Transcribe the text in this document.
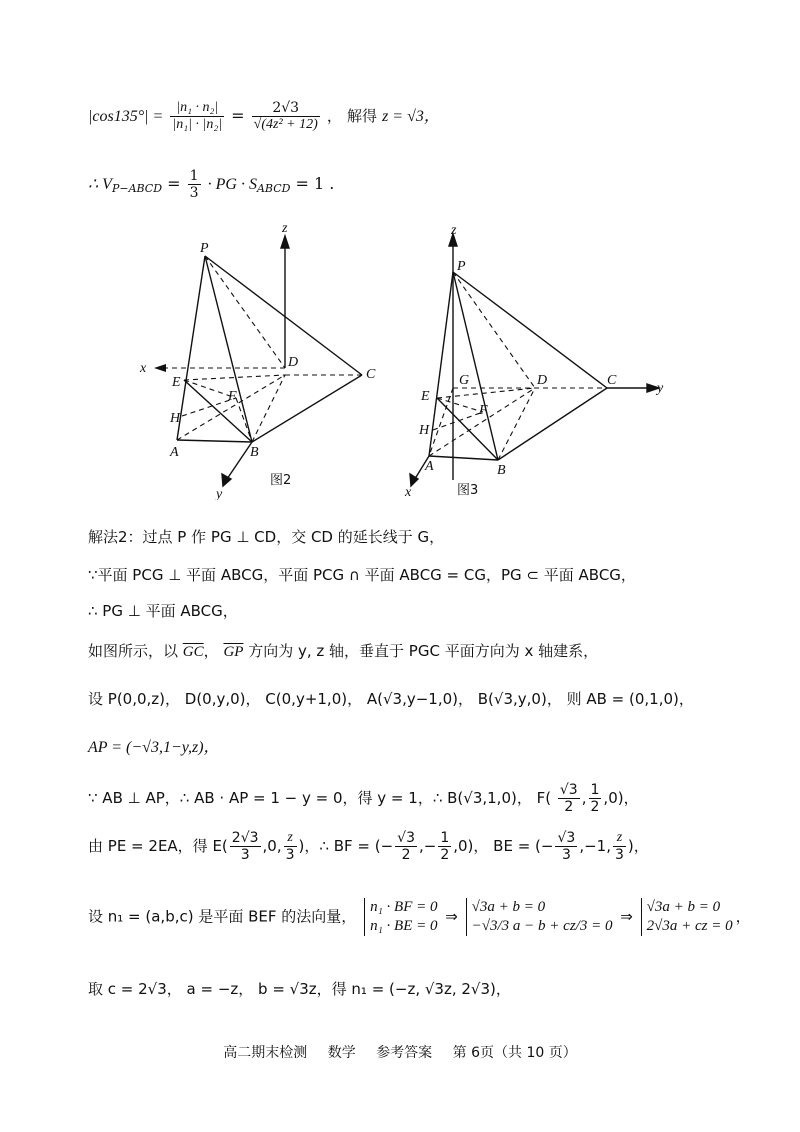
$|\cos 135^\circ| = \frac{\text{|n₁ · n₂|}}{\text{|n₁| · |n₂|}} = \frac{2√3}{\text{√(4z² + 12)}}$ ， 解得 z = √3，
∴ $V_{P-ABCD} = \frac{1}{3}$ · PG · $S_{ABCD} = 1$ .
P
z
x	D
C
E
F
H
A	B
y
图2
z
P
G	D	C
y
E
F
H
A	B
x	图3
解法2：过点 P 作 PG ⊥ CD，交 CD 的延长线于 G，
∵平面 PCG ⊥ 平面 ABCG，平面 PCG ∩ 平面 ABCG = CG，PG ⊂ 平面 ABCG，
∴ PG ⊥ 平面 ABCG，
如图所示，以 $\overline{GC}$， $\overline{GP}$ 方向为 y, z 轴，垂直于 PGC 平面方向为 x 轴建系，
设 P(0,0,z)， D(0,y,0)， C(0,y+1,0)， A(√3,y−1,0)， B(√3,y,0)， 则 AB = (0,1,0)，
AP = (−√3,1−y,z)，
∵ AB ⊥ AP，∴ AB · AP = 1 − y = 0，得 y = 1，∴ B(√3,1,0)， $F( \frac{√3}{2}$ , $\frac{1}{2} ,0$)，
由 PE = 2EA，得 $E( \frac{2√3}{3} ,0$, $\frac{z}{3}$ )，∴ BF = (− $\frac{√3}{2}$ ,− $\frac{1}{2} ,0$)， BE = (− $\frac{√3}{3} ,-1$, $\frac{z}{3}$ )，
设 n₁ = (a,b,c) 是平面 BEF 的法向量，
n₁ · BF = 0
n₁ · BE = 0
⇒
√3a + b = 0
−√3/3 a − b + cz/3 = 0
⇒
√3a + b = 0
2√3a + cz = 0
，
取 c = 2√3， a = −z， b = √3z，得 n₁ = (−z, √3z, 2√3)，
高二期末检测 数学 参考答案 第 6页（共 10 页）
